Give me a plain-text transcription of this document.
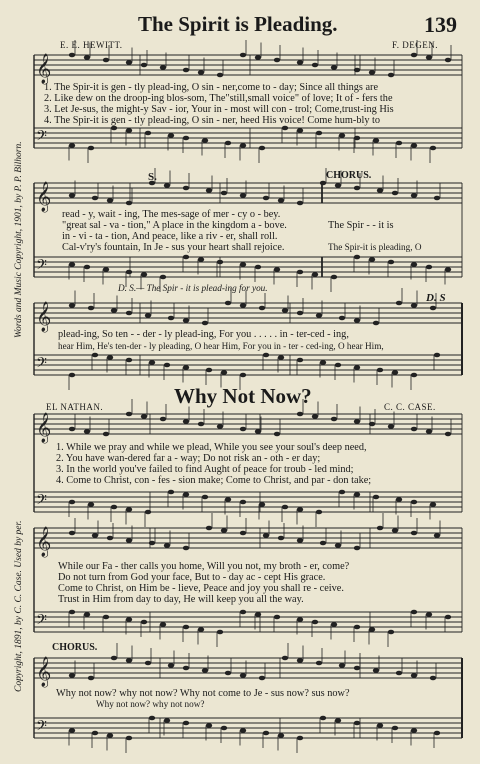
The Spirit is Pleading.	139
E. E. HEWITT.	F. DEGEN.
Words and Music Copyright, 1901, by P. P. Bilhorn.
Copyright, 1891, by C. C. Case. Used by per.
𝄞
𝄢
𝄞
𝄢
𝄞
𝄢
𝄞
𝄢
𝄞
𝄢
𝄞
𝄢
1. The Spir-it is gen - tly plead-ing, O sin - ner,come to - day; Since all things are
2. Like dew on the droop-ing blos-som, The"still,small voice" of love; It of - fers the
3. Let Je-sus, the might-y Sav - ior, Your in - most will con - trol; Come,trust-ing His
4. The Spir-it is gen - tly plead-ing, O sin - ner, heed His voice! Come hum-bly to
S.	CHORUS.
read - y, wait - ing, The mes-sage of mer - cy o - bey.
"great sal - va - tion," A place in the kingdom a - bove.
in - vi - ta - tion, And peace, like a riv - er, shall roll.
Cal-v'ry's fountain, In Je - sus your heart shall rejoice.
The Spir - - it is
The Spir-it is pleading, O
D. S.— The Spir - it is plead-ing for you.
D. S
plead-ing, So ten - - der - ly plead-ing, For you . . . . . in - ter-ced - ing,
hear Him, He's ten-der - ly pleading, O hear Him, For you in - ter - ced-ing, O hear Him,
Why Not Now?
EL NATHAN.	C. C. CASE.
1. While we pray and while we plead, While you see your soul's deep need,
2. You have wan-dered far a - way; Do not risk an - oth - er day;
3. In the world you've failed to find Aught of peace for troub - led mind;
4. Come to Christ, con - fes - sion make; Come to Christ, and par - don take;
While our Fa - ther calls you home, Will you not, my broth - er, come?
Do not turn from God your face, But to - day ac - cept His grace.
Come to Christ, on Him be - lieve, Peace and joy you shall re - ceive.
Trust in Him from day to day, He will keep you all the way.
CHORUS.
Why not now? why not now? Why not come to Je - sus now? sus now?
Why not now? why not now?
